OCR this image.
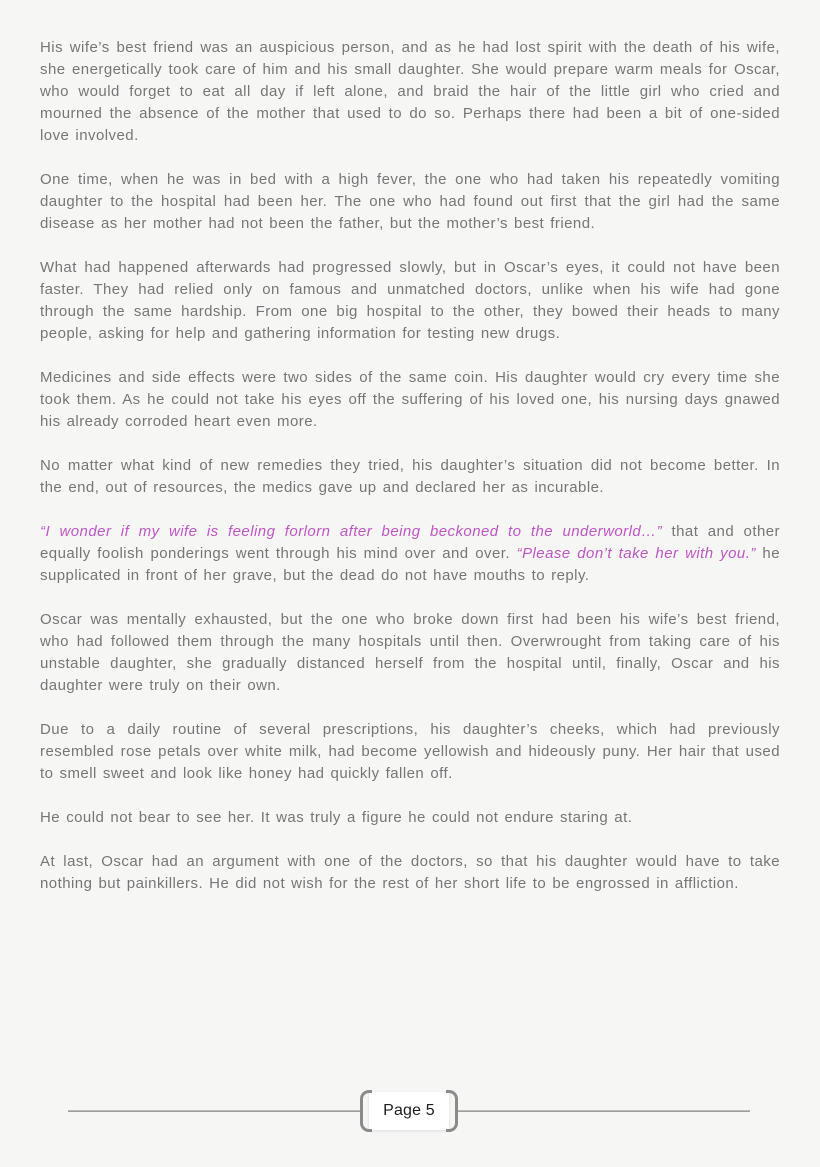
His wife’s best friend was an auspicious person, and as he had lost spirit with the death of his wife, she energetically took care of him and his small daughter. She would prepare warm meals for Oscar, who would forget to eat all day if left alone, and braid the hair of the little girl who cried and mourned the absence of the mother that used to do so. Perhaps there had been a bit of one-sided love involved.

One time, when he was in bed with a high fever, the one who had taken his repeatedly vomiting daughter to the hospital had been her. The one who had found out first that the girl had the same disease as her mother had not been the father, but the mother’s best friend.

What had happened afterwards had progressed slowly, but in Oscar’s eyes, it could not have been faster. They had relied only on famous and unmatched doctors, unlike when his wife had gone through the same hardship. From one big hospital to the other, they bowed their heads to many people, asking for help and gathering information for testing new drugs.

Medicines and side effects were two sides of the same coin. His daughter would cry every time she took them. As he could not take his eyes off the suffering of his loved one, his nursing days gnawed his already corroded heart even more.

No matter what kind of new remedies they tried, his daughter’s situation did not become better. In the end, out of resources, the medics gave up and declared her as incurable.

“I wonder if my wife is feeling forlorn after being beckoned to the underworld…” that and other equally foolish ponderings went through his mind over and over. “Please don’t take her with you.” he supplicated in front of her grave, but the dead do not have mouths to reply.

Oscar was mentally exhausted, but the one who broke down first had been his wife’s best friend, who had followed them through the many hospitals until then. Overwrought from taking care of his unstable daughter, she gradually distanced herself from the hospital until, finally, Oscar and his daughter were truly on their own.

Due to a daily routine of several prescriptions, his daughter’s cheeks, which had previously resembled rose petals over white milk, had become yellowish and hideously puny. Her hair that used to smell sweet and look like honey had quickly fallen off.

He could not bear to see her. It was truly a figure he could not endure staring at.

At last, Oscar had an argument with one of the doctors, so that his daughter would have to take nothing but painkillers. He did not wish for the rest of her short life to be engrossed in affliction.

Page 5
